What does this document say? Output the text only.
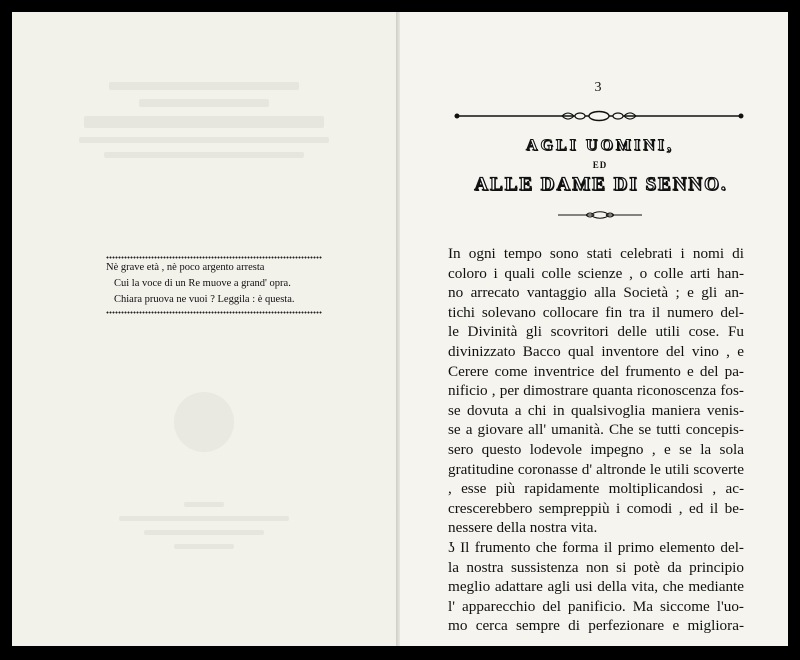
Nè grave età , nè poco argento arresta
Cui la voce di un Re muove a grand' opra.
Chiara pruova ne vuoi ? Leggila : è questa.
3
AGLI UOMINI,
ED
ALLE DAME DI SENNO.
In ogni tempo sono stati celebrati i nomi di
coloro i quali colle scienze , o colle arti han-
no arrecato vantaggio alla Società ; e gli an-
tichi solevano collocare fin tra il numero del-
le Divinità gli scovritori delle utili cose. Fu
divinizzato Bacco qual inventore del vino , e
Cerere come inventrice del frumento e del pa-
nificio , per dimostrare quanta riconoscenza fos-
se dovuta a chi in qualsivoglia maniera venis-
se a giovare all' umanità. Che se tutti concepis-
sero questo lodevole impegno , e se la sola
gratitudine coronasse d' altronde le utili scoverte
, esse più rapidamente moltiplicandosi , ac-
crescerebbero sempreppiù i comodi , ed il be-
nessere della nostra vita.
ʖ Il frumento che forma il primo elemento del-
la nostra sussistenza non si potè da principio
meglio adattare agli usi della vita, che mediante
l' apparecchio del panificio. Ma siccome l'uo-
mo cerca sempre di perfezionare e migliora-
